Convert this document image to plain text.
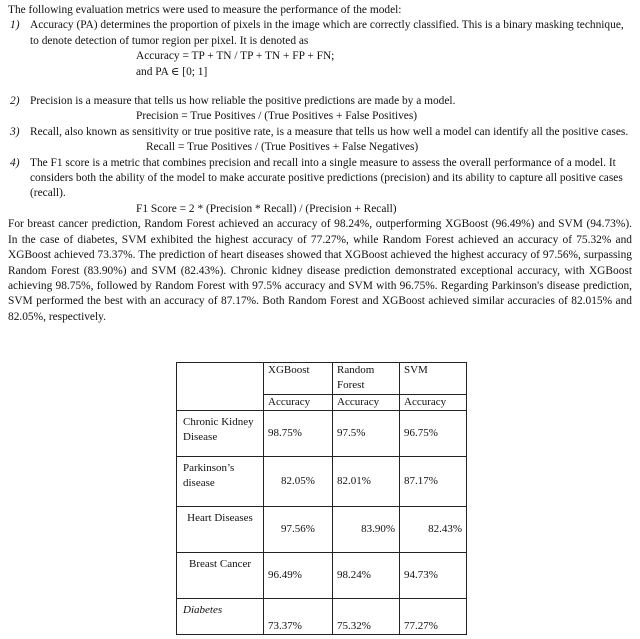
The following evaluation metrics were used to measure the performance of the model:

1) Accuracy (PA) determines the proportion of pixels in the image which are correctly classified. This is a binary masking technique, to denote detection of tumor region per pixel. It is denoted as

Accuracy = TP + TN / TP + TN + FP + FN;

and PA ∈ [0; 1]

2) Precision is a measure that tells us how reliable the positive predictions are made by a model.

Precision = True Positives / (True Positives + False Positives)

3) Recall, also known as sensitivity or true positive rate, is a measure that tells us how well a model can identify all the positive cases.

Recall = True Positives / (True Positives + False Negatives)

4) The F1 score is a metric that combines precision and recall into a single measure to assess the overall performance of a model. It considers both the ability of the model to make accurate positive predictions (precision) and its ability to capture all positive cases (recall).

F1 Score = 2 * (Precision * Recall) / (Precision + Recall)

For breast cancer prediction, Random Forest achieved an accuracy of 98.24%, outperforming XGBoost (96.49%) and SVM (94.73%). In the case of diabetes, SVM exhibited the highest accuracy of 77.27%, while Random Forest achieved an accuracy of 75.32% and XGBoost achieved 73.37%. The prediction of heart diseases showed that XGBoost achieved the highest accuracy of 97.56%, surpassing Random Forest (83.90%) and SVM (82.43%). Chronic kidney disease prediction demonstrated exceptional accuracy, with XGBoost achieving 98.75%, followed by Random Forest with 97.5% accuracy and SVM with 96.75%. Regarding Parkinson's disease prediction, SVM performed the best with an accuracy of 87.17%. Both Random Forest and XGBoost achieved similar accuracies of 82.015% and 82.05%, respectively.

	XGBoost	Random Forest	SVM
	Accuracy	Accuracy	Accuracy
Chronic Kidney Disease	98.75%	97.5%	96.75%
Parkinson’s disease	82.05%	82.01%	87.17%
Heart Diseases	97.56%	83.90%	82.43%
Breast Cancer	96.49%	98.24%	94.73%
Diabetes	73.37%	75.32%	77.27%
